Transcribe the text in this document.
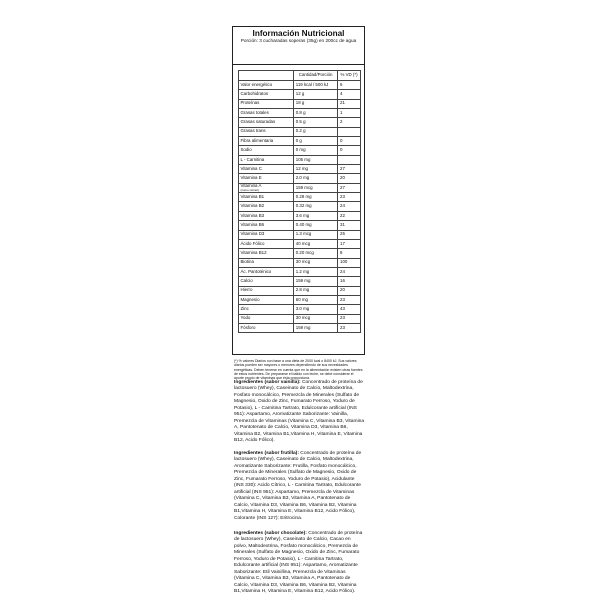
Información Nutricional
Porción: 3 cucharadas soperas (35g) en 200cc de agua
	Cantidad/Porción	% VD (*)
Valor energético	119 kcal / 500 kJ	6
Carbohidratos	12 g	4
Proteínas	18 g	21
Grasas totales	0.8 g	1
Grasas saturadas	0.5 g	2
Grasas trans	0.2 g	
Fibra alimentaria	0 g	0
Sodio	0 mg	0
L - Carnitina	105 mg	
Vitamina C	12 mg	27
Vitamina E	2.0 mg	20
Vitamina A
(como retinol)	159 mcg	27
Vitamina B1	0.28 mg	23
Vitamina B2	0.32 mg	24
Vitamina B3	3.6 mg	22
Vitamina B6	0.40 mg	31
Vitamina D3	1.3 mcg	25
Ácido Fólico	40 mcg	17
Vitamina B12	0.20 mcg	8
Biotina	30 mcg	100
Ác. Pantoténico	1.2 mg	24
Calcio	159 mg	16
Hierro	2.8 mg	20
Magnesio	60 mg	23
Zinc	3.0 mg	43
Yodo	30 mcg	23
Fósforo	159 mg	23
(*) % valores Diarios con base a una dieta de 2000 kcal o 8400 kJ. Sus valores diarios pueden ser mayores o menores dependiendo de sus necesidades energéticas. Deben tenerse en cuenta que en la alimentación existen otras fuentes de estos nutrientes. De prepararse el batido con leche, se debe considerar el aporte propio de vitaminas que ésta proporciona.
Ingredientes (sabor vainilla): Concentrado de proteína de lactosuero (Whey), Caseinato de Calcio, Maltodextrina, Fosfato monocálcico, Premezcla de Minerales (Sulfato de Magnesio, Oxido de Zinc, Fumarato Ferroso, Yoduro de Potasio), L - Carnitina Tartrato, Edulcorante artificial (INS 951): Aspartamo, Aromatizante Saborizante: Vainilla, Premezcla de Vitaminas (Vitamina C, Vitamina B3, Vitamina A, Pantotenato de Calcio, Vitamina D3, Vitamina B6, Vitamina B2, Vitamina B1,Vitamina H, Vitamina E, Vitamina B12, Acido Fólico).
Ingredientes (sabor frutilla): Concentrado de proteína de lactosuero (Whey), Caseinato de Calcio, Maltodextrina, Aromatizante Saborizante: Frutilla, Fosfato monocálcico, Premezcla de Minerales (Sulfato de Magnesio, Oxido de Zinc, Fumarato Ferroso, Yoduro de Potasio), Acidulante (INS 330): Acido Cítrico, L - Carnitina Tartrato, Edulcorante artificial (INS 951): Aspartamo, Premezcla de Vitaminas (Vitamina C, Vitamina B3, Vitamina A, Pantotenato de Calcio, Vitamina D3, Vitamina B6, Vitamina B2, Vitamina B1,Vitamina H, Vitamina E, Vitamina B12, Acido Fólico), Colorante (INS 127): Eritrocina.
Ingredientes (sabor chocolate): Concentrado de proteína de lactosuero (Whey), Caseinato de Calcio, Cacao en polvo, Maltodextrina, Fosfato monocálcico, Premezcla de Minerales (Sulfato de Magnesio, Oxido de Zinc, Fumarato Ferroso, Yoduro de Potasio), L - Carnitina Tartrato, Edulcorante artificial (INS 951): Aspartamo, Aromatizante Saborizante: Etil Vainillina, Premezcla de Vitaminas (Vitamina C, Vitamina B3, Vitamina A, Pantotenato de Calcio, Vitamina D3, Vitamina B6, Vitamina B2, Vitamina B1,Vitamina H, Vitamina E, Vitamina B12, Acido Fólico).
